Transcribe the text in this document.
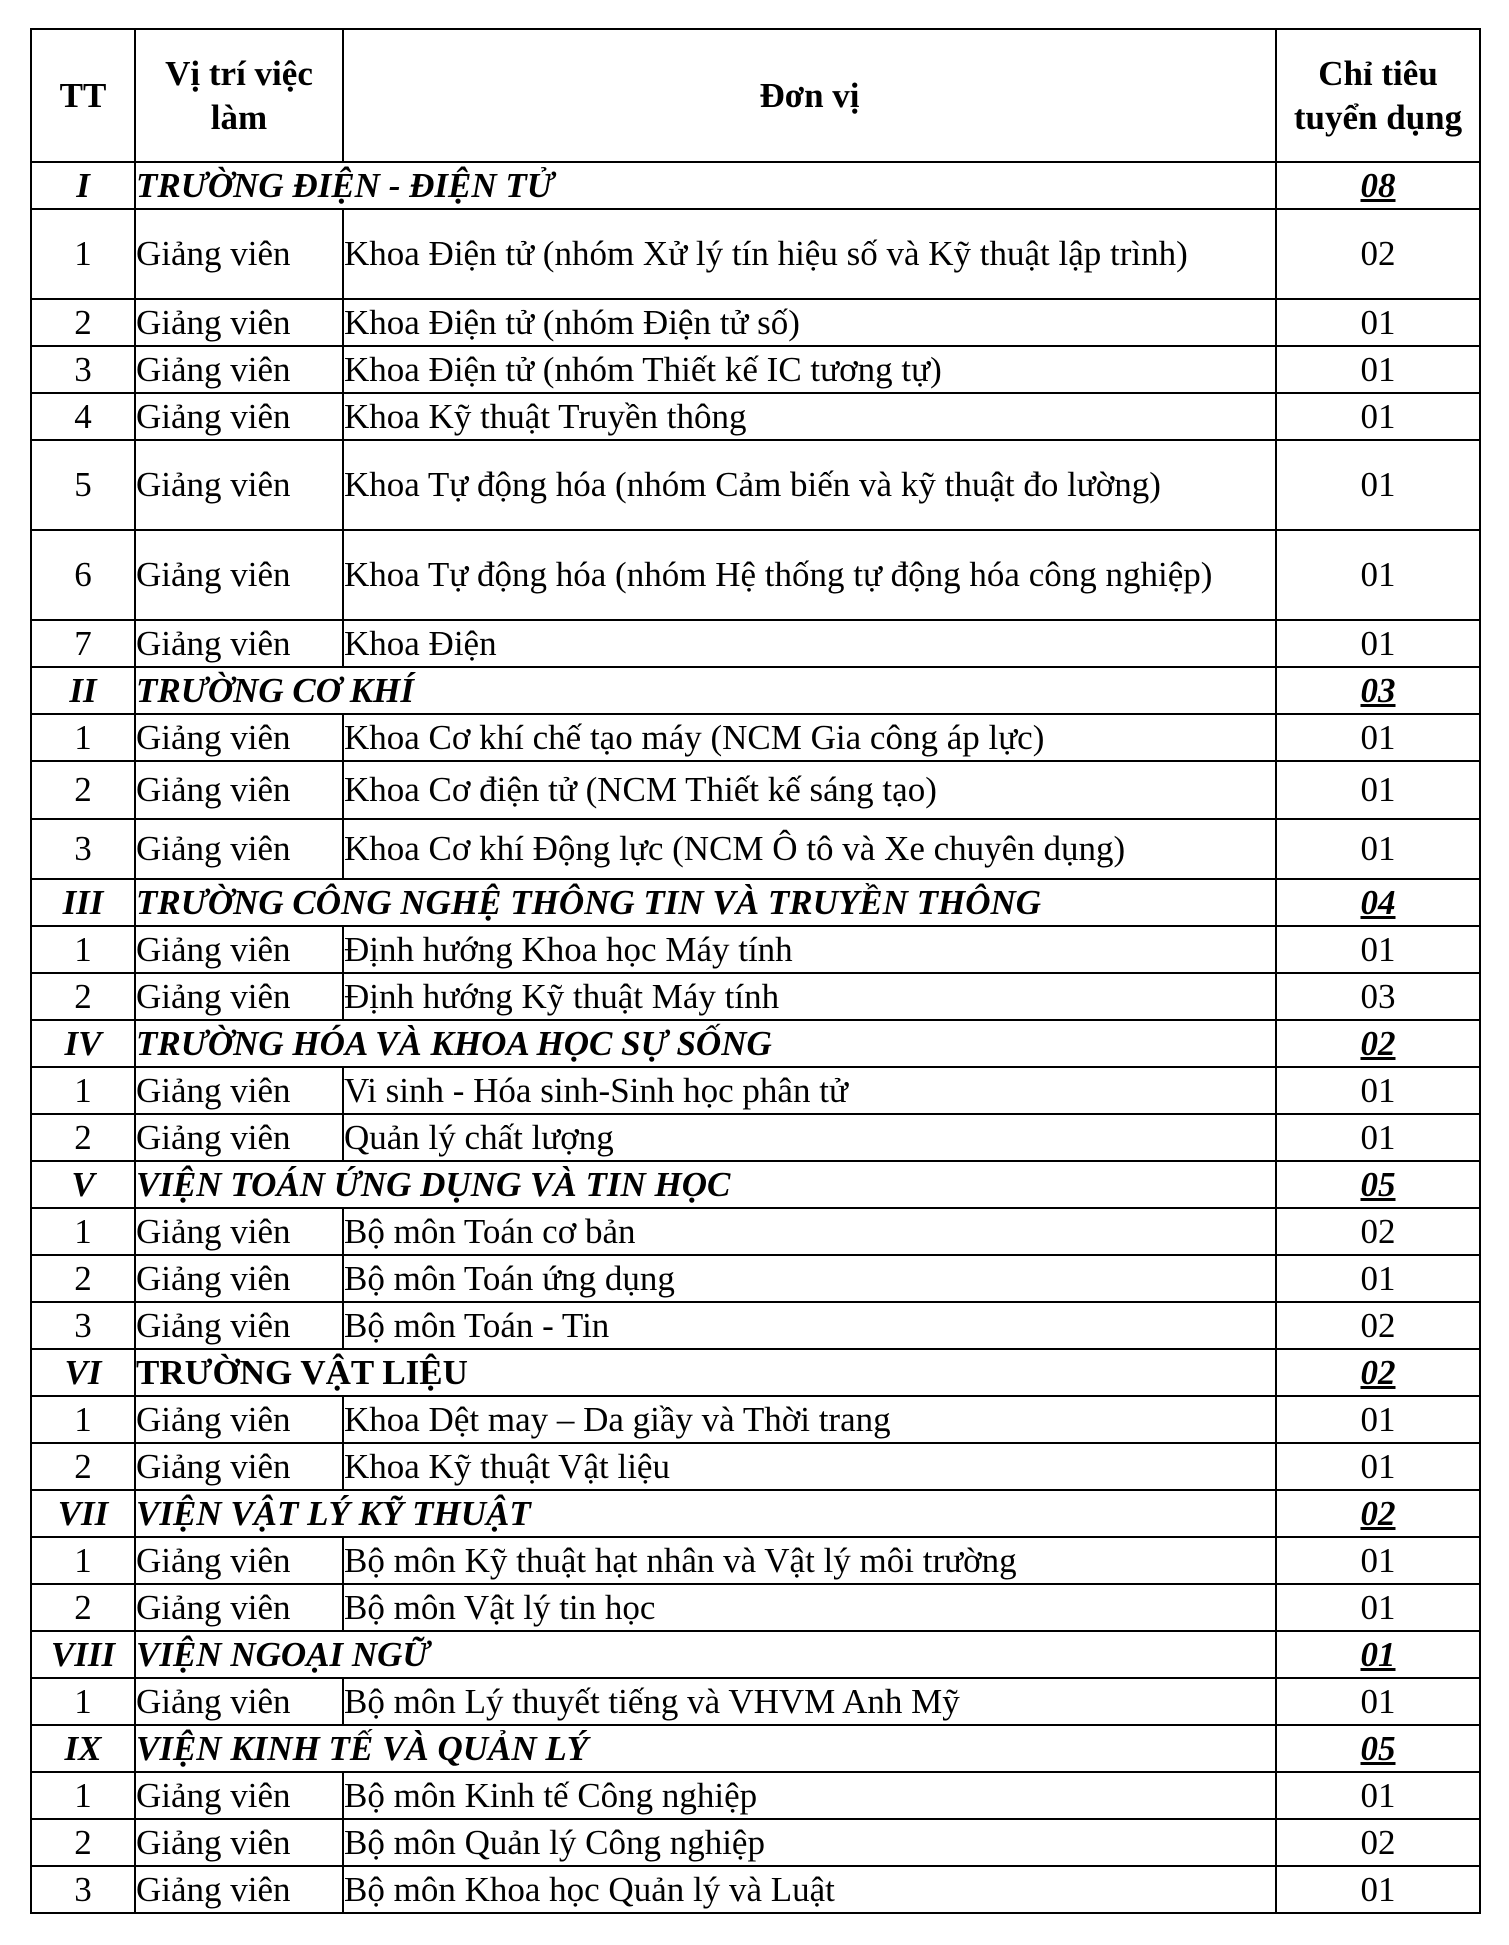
TT	Vị trí việc làm	Đơn vị	Chỉ tiêu tuyển dụng
I	TRƯỜNG ĐIỆN - ĐIỆN TỬ		08
1	Giảng viên	Khoa Điện tử (nhóm Xử lý tín hiệu số và Kỹ thuật lập trình)	02
2	Giảng viên	Khoa Điện tử (nhóm Điện tử số)	01
3	Giảng viên	Khoa Điện tử (nhóm Thiết kế IC tương tự)	01
4	Giảng viên	Khoa Kỹ thuật Truyền thông	01
5	Giảng viên	Khoa Tự động hóa (nhóm Cảm biến và kỹ thuật đo lường)	01
6	Giảng viên	Khoa Tự động hóa (nhóm Hệ thống tự động hóa công nghiệp)	01
7	Giảng viên	Khoa Điện	01
II	TRƯỜNG CƠ KHÍ		03
1	Giảng viên	Khoa Cơ khí chế tạo máy (NCM Gia công áp lực)	01
2	Giảng viên	Khoa Cơ điện tử (NCM Thiết kế sáng tạo)	01
3	Giảng viên	Khoa Cơ khí Động lực (NCM Ô tô và Xe chuyên dụng)	01
III	TRƯỜNG CÔNG NGHỆ THÔNG TIN VÀ TRUYỀN THÔNG		04
1	Giảng viên	Định hướng Khoa học Máy tính	01
2	Giảng viên	Định hướng Kỹ thuật Máy tính	03
IV	TRƯỜNG HÓA VÀ KHOA HỌC SỰ SỐNG		02
1	Giảng viên	Vi sinh - Hóa sinh-Sinh học phân tử	01
2	Giảng viên	Quản lý chất lượng	01
V	VIỆN TOÁN ỨNG DỤNG VÀ TIN HỌC		05
1	Giảng viên	Bộ môn Toán cơ bản	02
2	Giảng viên	Bộ môn Toán ứng dụng	01
3	Giảng viên	Bộ môn Toán - Tin	02
VI	TRƯỜNG VẬT LIỆU		02
1	Giảng viên	Khoa Dệt may – Da giầy và Thời trang	01
2	Giảng viên	Khoa Kỹ thuật Vật liệu	01
VII	VIỆN VẬT LÝ KỸ THUẬT		02
1	Giảng viên	Bộ môn Kỹ thuật hạt nhân và Vật lý môi trường	01
2	Giảng viên	Bộ môn Vật lý tin học	01
VIII	VIỆN NGOẠI NGỮ		01
1	Giảng viên	Bộ môn Lý thuyết tiếng và VHVM Anh Mỹ	01
IX	VIỆN KINH TẾ VÀ QUẢN LÝ		05
1	Giảng viên	Bộ môn Kinh tế Công nghiệp	01
2	Giảng viên	Bộ môn Quản lý Công nghiệp	02
3	Giảng viên	Bộ môn Khoa học Quản lý và Luật	01
